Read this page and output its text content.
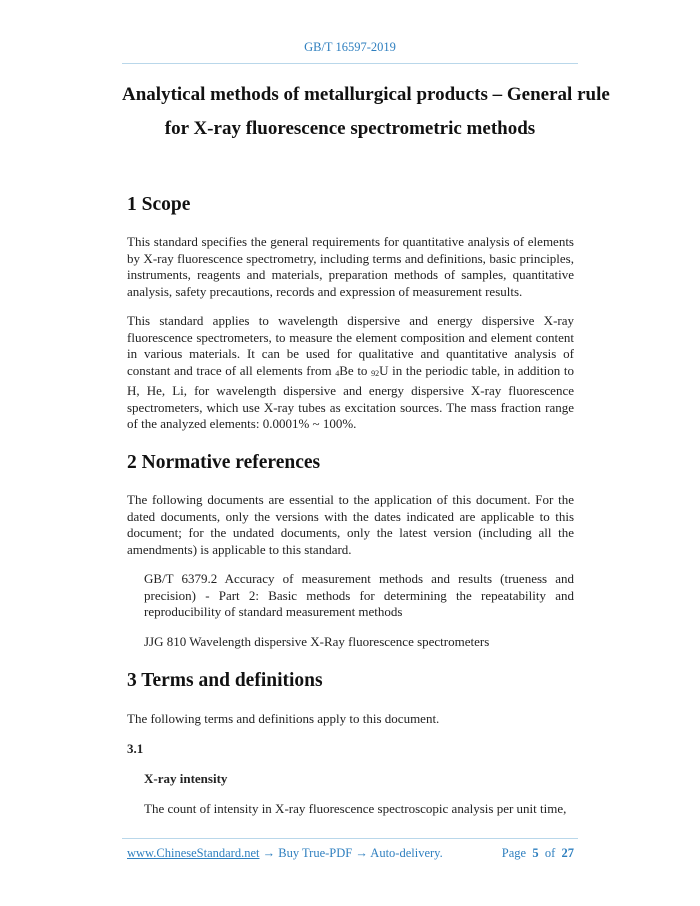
GB/T 16597-2019
Analytical methods of metallurgical products – General rule
for X-ray fluorescence spectrometric methods
1 Scope
This standard specifies the general requirements for quantitative analysis of elements by X-ray fluorescence spectrometry, including terms and definitions, basic principles, instruments, reagents and materials, preparation methods of samples, quantitative analysis, safety precautions, records and expression of measurement results.
This standard applies to wavelength dispersive and energy dispersive X-ray fluorescence spectrometers, to measure the element composition and element content in various materials. It can be used for qualitative and quantitative analysis of constant and trace of all elements from $_4$Be to $_{92}$U in the periodic table, in addition to H, He, Li, for wavelength dispersive and energy dispersive X-ray fluorescence spectrometers, which use X-ray tubes as excitation sources. The mass fraction range of the analyzed elements: 0.0001% ~ 100%.
2 Normative references
The following documents are essential to the application of this document. For the dated documents, only the versions with the dates indicated are applicable to this document; for the undated documents, only the latest version (including all the amendments) is applicable to this standard.
GB/T 6379.2 Accuracy of measurement methods and results (trueness and precision) - Part 2: Basic methods for determining the repeatability and reproducibility of standard measurement methods
JJG 810 Wavelength dispersive X-Ray fluorescence spectrometers
3 Terms and definitions
The following terms and definitions apply to this document.
3.1
X-ray intensity
The count of intensity in X-ray fluorescence spectroscopic analysis per unit time,
www.ChineseStandard.net → Buy True-PDF → Auto-delivery.	Page 5 of 27
